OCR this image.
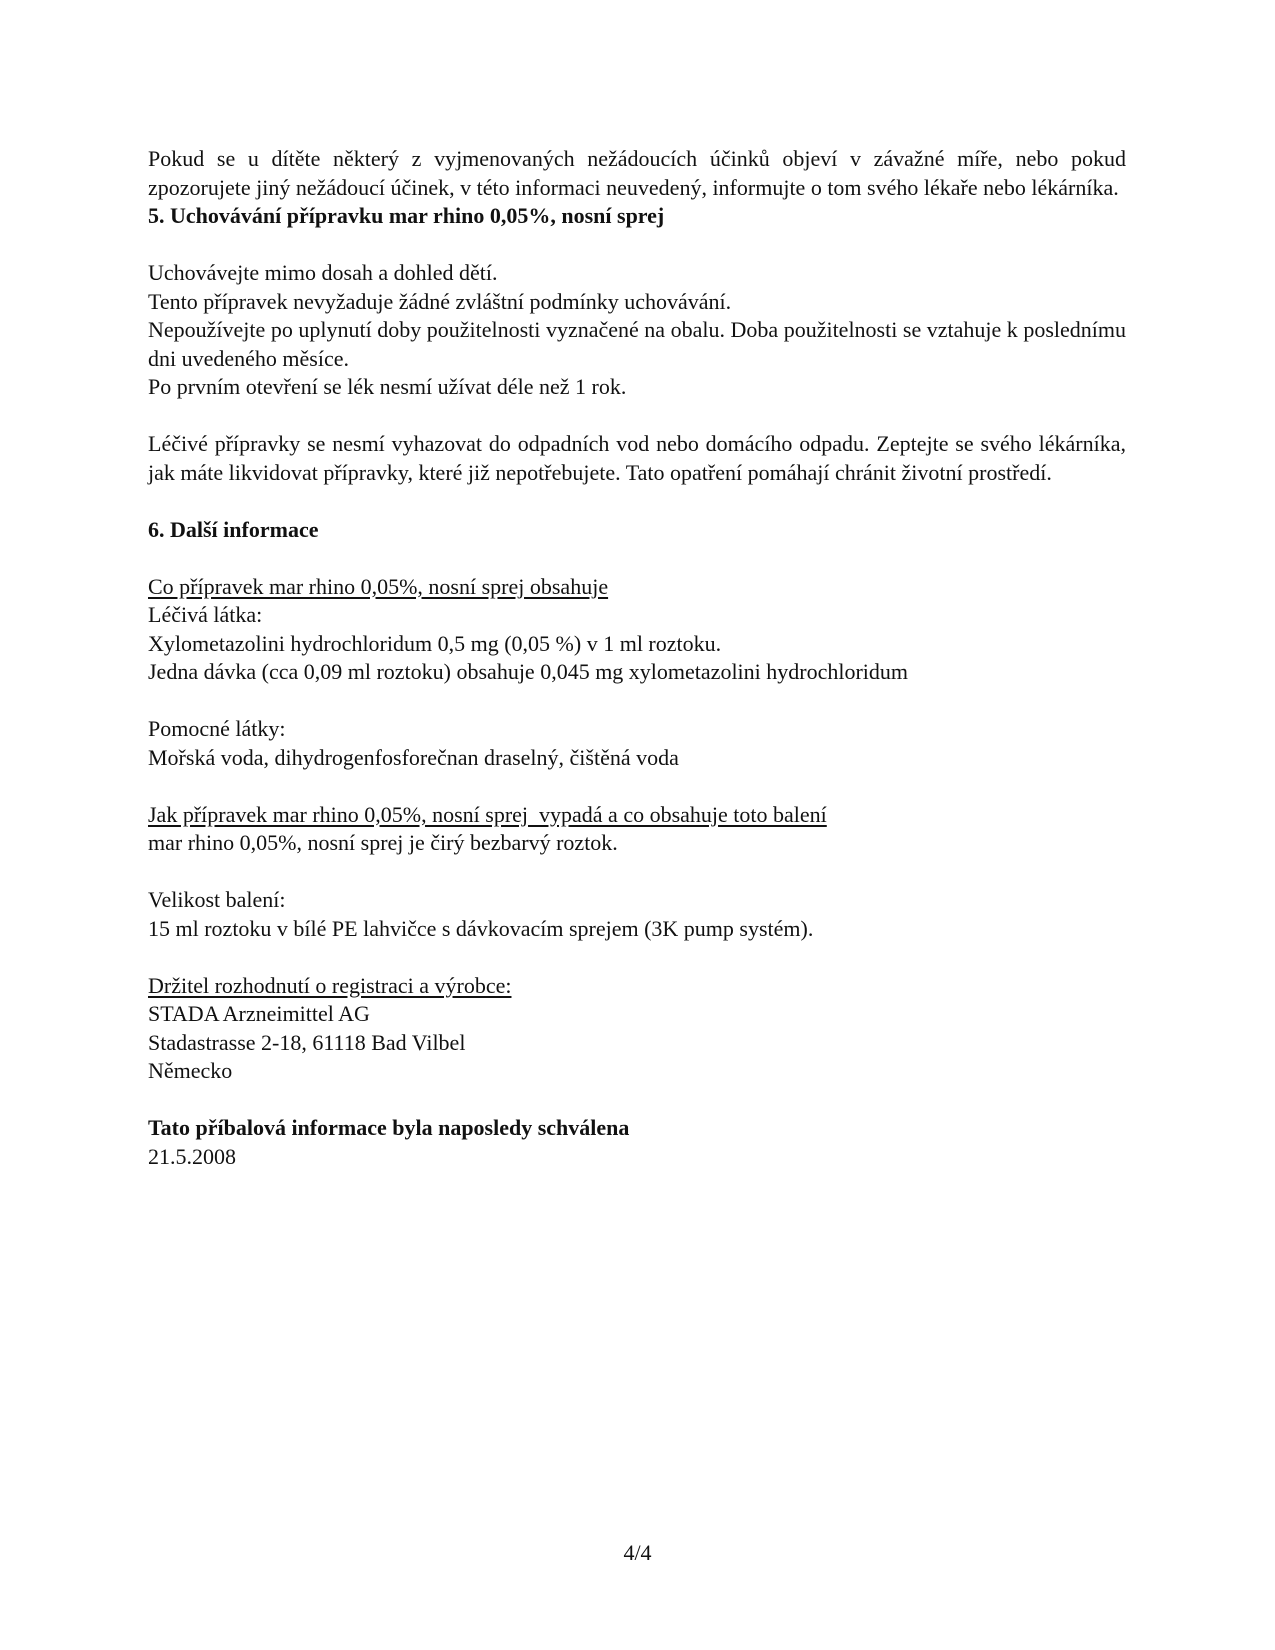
Pokud se u dítěte některý z vyjmenovaných nežádoucích účinků objeví v závažné míře, nebo pokud zpozorujete jiný nežádoucí účinek, v této informaci neuvedený, informujte o tom svého lékaře nebo lékárníka.

5. Uchovávání přípravku mar rhino 0,05%, nosní sprej

Uchovávejte mimo dosah a dohled dětí.

Tento přípravek nevyžaduje žádné zvláštní podmínky uchovávání.

Nepoužívejte po uplynutí doby použitelnosti vyznačené na obalu. Doba použitelnosti se vztahuje k poslednímu dni uvedeného měsíce.

Po prvním otevření se lék nesmí užívat déle než 1 rok.

Léčivé přípravky se nesmí vyhazovat do odpadních vod nebo domácího odpadu. Zeptejte se svého lékárníka, jak máte likvidovat přípravky, které již nepotřebujete. Tato opatření pomáhají chránit životní prostředí.

6. Další informace

Co přípravek mar rhino 0,05%, nosní sprej obsahuje

Léčivá látka:

Xylometazolini hydrochloridum 0,5 mg (0,05 %) v 1 ml roztoku.

Jedna dávka (cca 0,09 ml roztoku) obsahuje 0,045 mg xylometazolini hydrochloridum

Pomocné látky:

Mořská voda, dihydrogenfosforečnan draselný, čištěná voda

Jak přípravek mar rhino 0,05%, nosní sprej  vypadá a co obsahuje toto balení

mar rhino 0,05%, nosní sprej je čirý bezbarvý roztok.

Velikost balení:

15 ml roztoku v bílé PE lahvičce s dávkovacím sprejem (3K pump systém).

Držitel rozhodnutí o registraci a výrobce:

STADA Arzneimittel AG

Stadastrasse 2-18, 61118 Bad Vilbel

Německo

Tato příbalová informace byla naposledy schválena

21.5.2008

4/4
